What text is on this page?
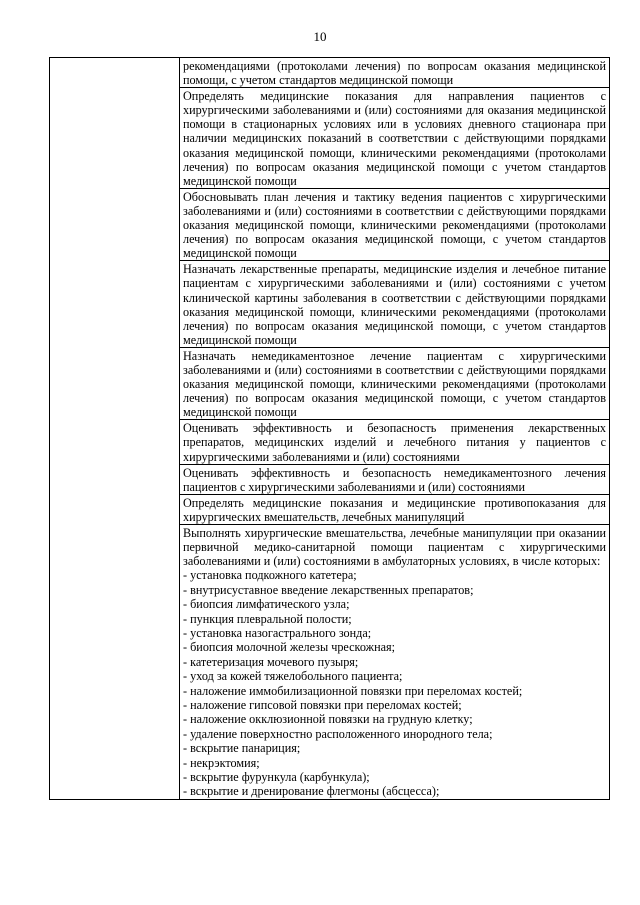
10

рекомендациями (протоколами лечения) по вопросам оказания медицинской помощи, с учетом стандартов медицинской помощи

Определять медицинские показания для направления пациентов с хирургическими заболеваниями и (или) состояниями для оказания медицинской помощи в стационарных условиях или в условиях дневного стационара при наличии медицинских показаний в соответствии с действующими порядками оказания медицинской помощи, клиническими рекомендациями (протоколами лечения) по вопросам оказания медицинской помощи с учетом стандартов медицинской помощи

Обосновывать план лечения и тактику ведения пациентов с хирургическими заболеваниями и (или) состояниями в соответствии с действующими порядками оказания медицинской помощи, клиническими рекомендациями (протоколами лечения) по вопросам оказания медицинской помощи, с учетом стандартов медицинской помощи

Назначать лекарственные препараты, медицинские изделия и лечебное питание пациентам с хирургическими заболеваниями и (или) состояниями с учетом клинической картины заболевания в соответствии с действующими порядками оказания медицинской помощи, клиническими рекомендациями (протоколами лечения) по вопросам оказания медицинской помощи, с учетом стандартов медицинской помощи

Назначать немедикаментозное лечение пациентам с хирургическими заболеваниями и (или) состояниями в соответствии с действующими порядками оказания медицинской помощи, клиническими рекомендациями (протоколами лечения) по вопросам оказания медицинской помощи, с учетом стандартов медицинской помощи

Оценивать эффективность и безопасность применения лекарственных препаратов, медицинских изделий и лечебного питания у пациентов с хирургическими заболеваниями и (или) состояниями

Оценивать эффективность и безопасность немедикаментозного лечения пациентов с хирургическими заболеваниями и (или) состояниями

Определять медицинские показания и медицинские противопоказания для хирургических вмешательств, лечебных манипуляций

Выполнять хирургические вмешательства, лечебные манипуляции при оказании первичной медико-санитарной помощи пациентам с хирургическими заболеваниями и (или) состояниями в амбулаторных условиях, в числе которых:

- установка подкожного катетера;

- внутрисуставное введение лекарственных препаратов;

- биопсия лимфатического узла;

- пункция плевральной полости;

- установка назогастрального зонда;

- биопсия молочной железы чрескожная;

- катетеризация мочевого пузыря;

- уход за кожей тяжелобольного пациента;

- наложение иммобилизационной повязки при переломах костей;

- наложение гипсовой повязки при переломах костей;

- наложение окклюзионной повязки на грудную клетку;

- удаление поверхностно расположенного инородного тела;

- вскрытие панариция;

- некрэктомия;

- вскрытие фурункула (карбункула);

- вскрытие и дренирование флегмоны (абсцесса);
